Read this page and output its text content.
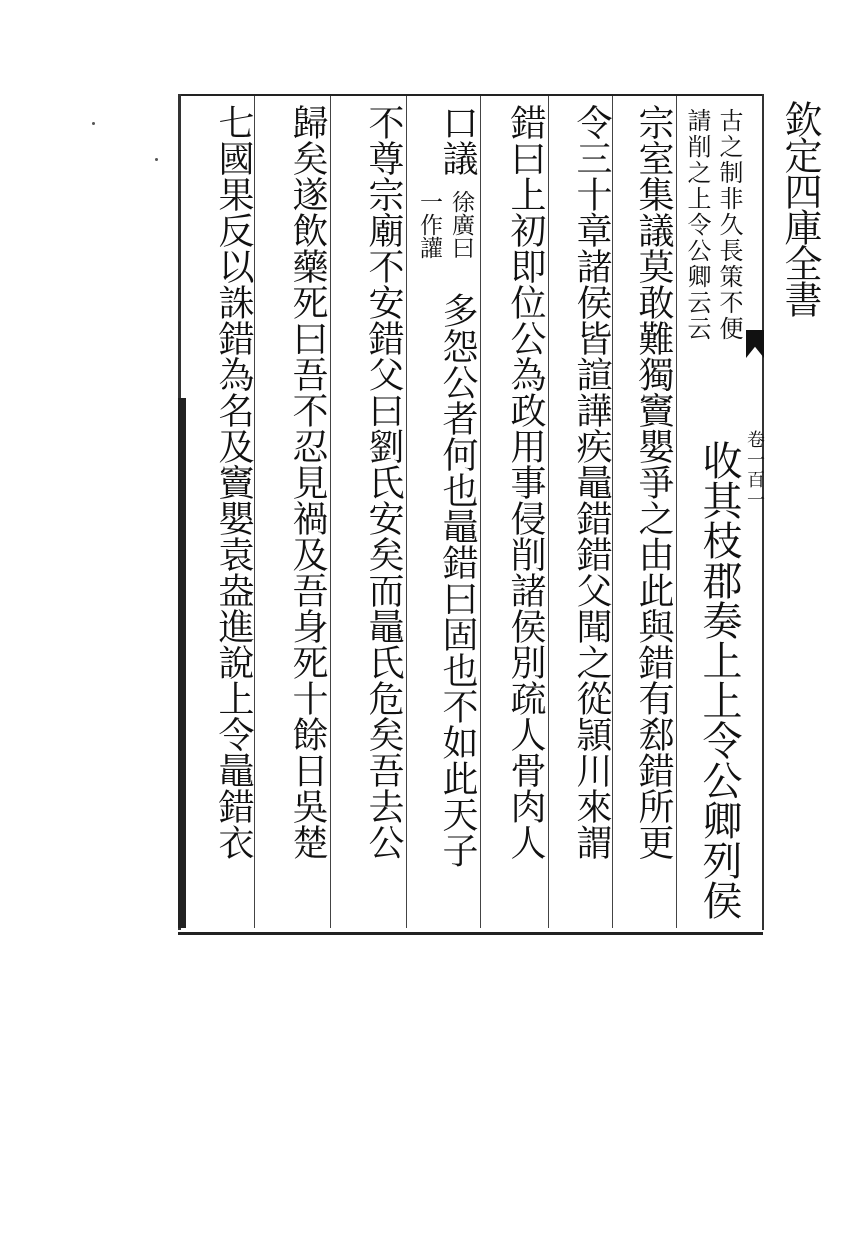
欽定四庫全書
卷一百一
古之制非久長策不便
請削之上令公卿云云
收其枝郡奏上上令公卿列侯
宗室集議莫敢難獨竇嬰爭之由此與錯有郄錯所更
令三十章諸侯皆諠譁疾鼂錯錯父聞之從頴川來謂
錯曰上初即位公為政用事侵削諸侯別疏人骨肉人
口議
徐廣曰
一作讙
多怨公者何也鼂錯曰固也不如此天子
不尊宗廟不安錯父曰劉氏安矣而鼂氏危矣吾去公
歸矣遂飲藥死曰吾不忍見禍及吾身死十餘日吳楚
七國果反以誅錯為名及竇嬰袁盎進說上令鼂錯衣
